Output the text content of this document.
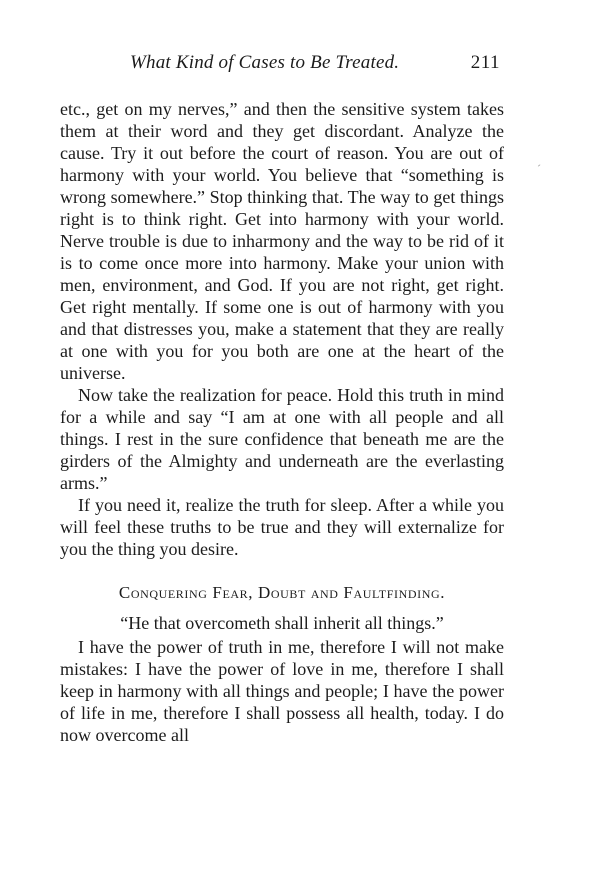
What Kind of Cases to Be Treated.	211

etc., get on my nerves,” and then the sensitive system takes them at their word and they get discordant. Analyze the cause. Try it out before the court of reason. You are out of harmony with your world. You believe that “something is wrong somewhere.” Stop thinking that. The way to get things right is to think right. Get into harmony with your world. Nerve trouble is due to inharmony and the way to be rid of it is to come once more into harmony. Make your union with men, environment, and God. If you are not right, get right. Get right mentally. If some one is out of harmony with you and that distresses you, make a statement that they are really at one with you for you both are one at the heart of the universe.

Now take the realization for peace. Hold this truth in mind for a while and say “I am at one with all people and all things. I rest in the sure confidence that beneath me are the girders of the Almighty and underneath are the everlasting arms.”

If you need it, realize the truth for sleep. After a while you will feel these truths to be true and they will externalize for you the thing you desire.

Conquering Fear, Doubt and Faultfinding.
“He that overcometh shall inherit all things.”

I have the power of truth in me, therefore I will not make mistakes: I have the power of love in me, therefore I shall keep in harmony with all things and people; I have the power of life in me, therefore I shall possess all health, today. I do now overcome all

´
